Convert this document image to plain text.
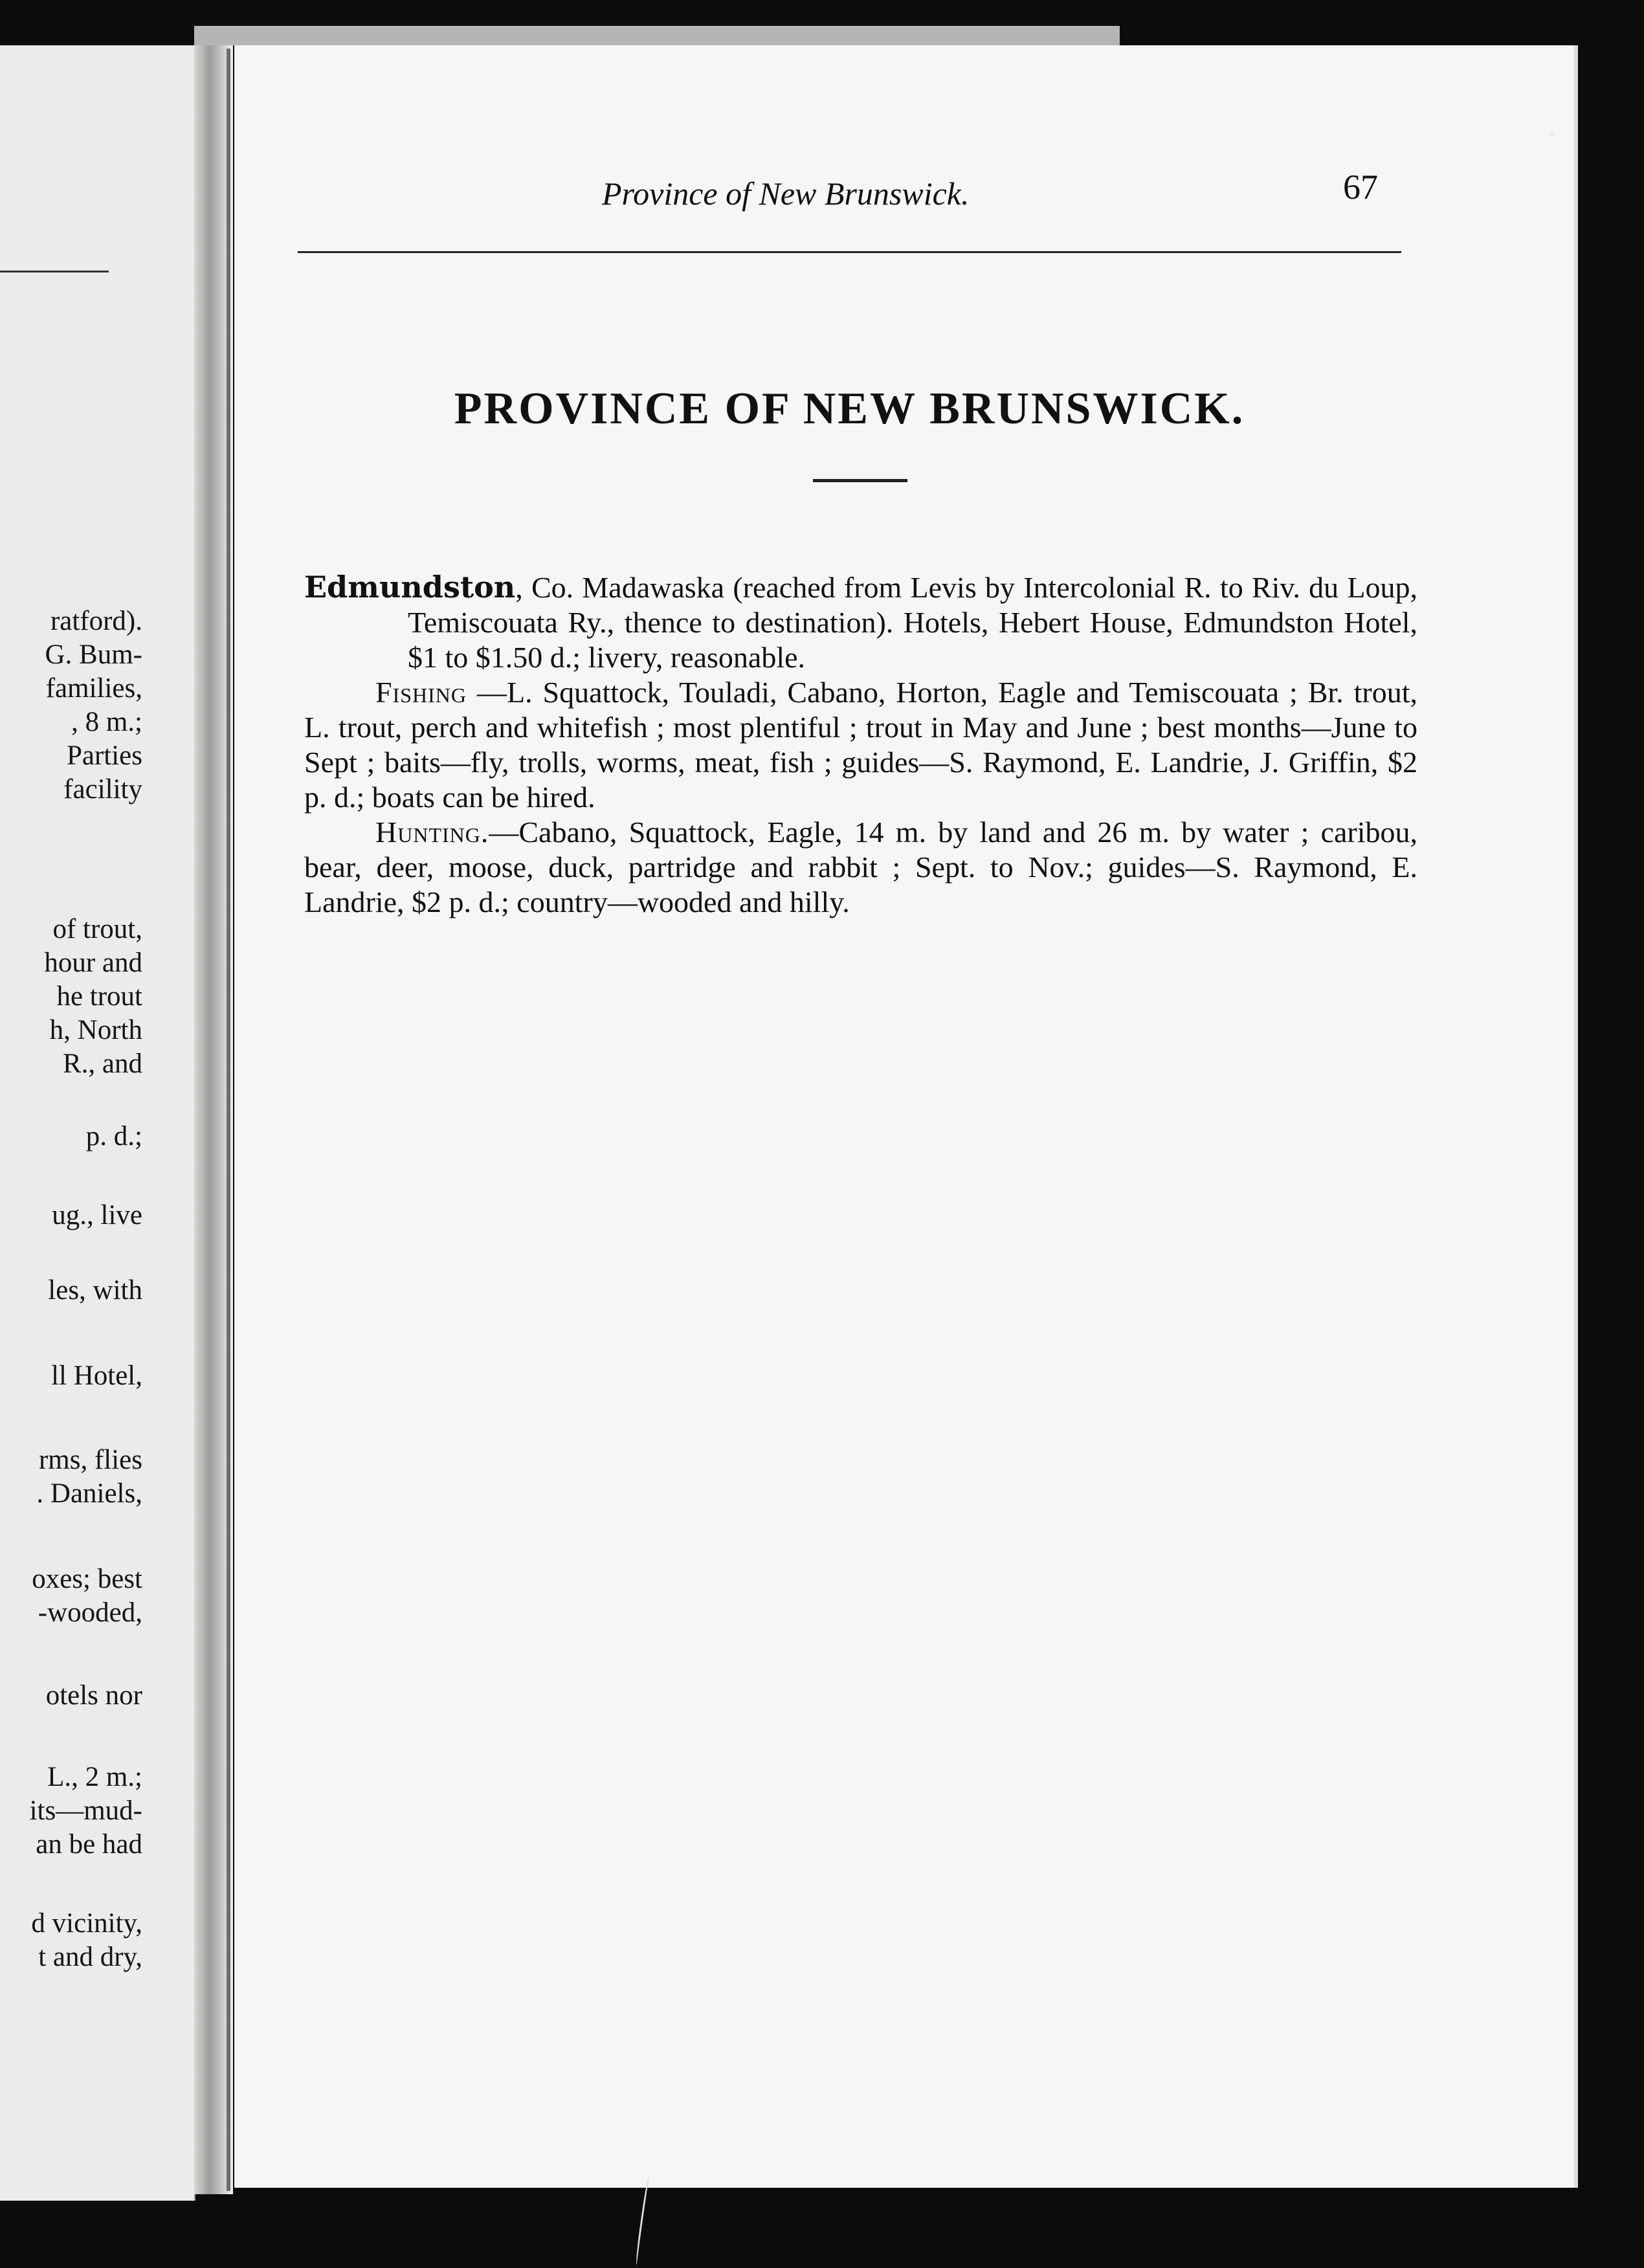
ratford).

G. Bum-

families,

, 8 m.;

Parties

facility

of trout,

hour and

he trout

h, North

R., and

p. d.;

ug., live

les, with

ll Hotel,

rms, flies

. Daniels,

oxes; best

-wooded,

otels nor

L., 2 m.;

its—mud-

an be had

d vicinity,

t and dry,

Province of New Brunswick.	67
PROVINCE OF NEW BRUNSWICK.

Edmundston, Co. Madawaska (reached from Levis by Intercolonial R. to Riv. du Loup, Temiscouata Ry., thence to destination). Hotels, Hebert House, Edmundston Hotel, $1 to $1.50 d.; livery, reasonable.

Fishing —L. Squattock, Touladi, Cabano, Horton, Eagle and Temiscouata ; Br. trout, L. trout, perch and whitefish ; most plentiful ; trout in May and June ; best months—June to Sept ; baits—fly, trolls, worms, meat, fish ; guides—S. Raymond, E. Landrie, J. Griffin, $2 p. d.; boats can be hired.

Hunting.—Cabano, Squattock, Eagle, 14 m. by land and 26 m. by water ; caribou, bear, deer, moose, duck, partridge and rabbit ; Sept. to Nov.; guides—S. Raymond, E. Landrie, $2 p. d.; country—wooded and hilly.
